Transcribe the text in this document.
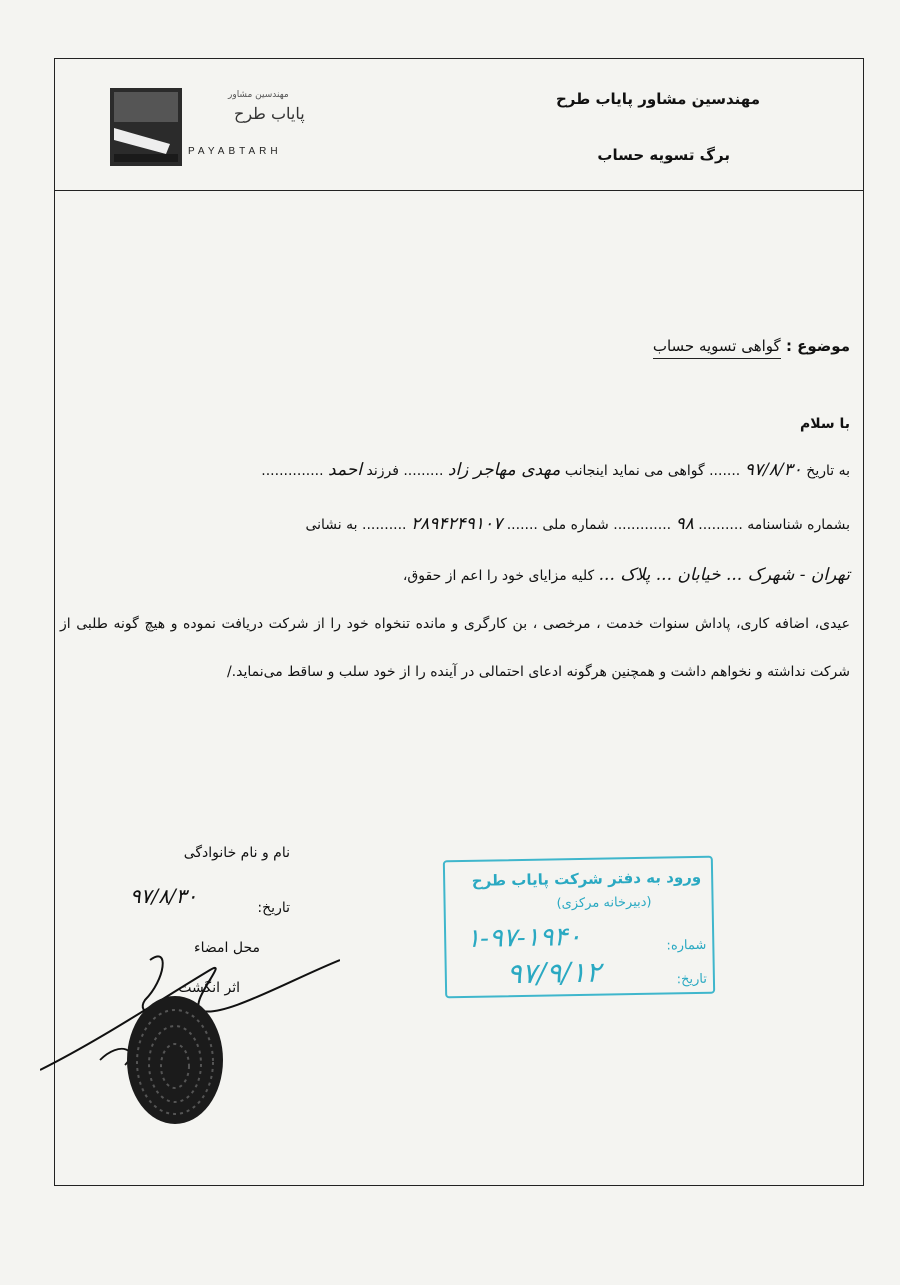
مهندسین مشاور پایاب طرح
برگ تسویه حساب
مهندسین مشاور
پایاب طرح
PAYABTARH
موضوع : گواهی تسویه حساب
با سلام
به تاریخ ۹۷/۸/۳۰ ....... گواهی می نماید اینجانب مهدی مهاجر زاد ......... فرزند احمد ..............
بشماره شناسنامه .......... ۹۸ ............. شماره ملی ....... ۲۸۹۴۲۴۹۱۰۷ .......... به نشانی
تهران - شهرک ... خیابان ... پلاک ... کلیه مزایای خود را اعم از حقوق،
عیدی، اضافه کاری، پاداش سنوات خدمت ، مرخصی ، بن کارگری و مانده تنخواه خود را از شرکت دریافت نموده و هیچ گونه طلبی از شرکت نداشته و نخواهم داشت و همچنین هرگونه ادعای احتمالی در آینده را از خود سلب و ساقط می‌نماید./
نام و نام خانوادگی
تاریخ:
۹۷/۸/۳۰
محل امضاء
اثر انگشت
ورود به دفتر شرکت پایاب طرح
(دبیرخانه مرکزی)
شماره:
۱-۹۷-۱۹۴۰
تاریخ:
۹۷/۹/۱۲
